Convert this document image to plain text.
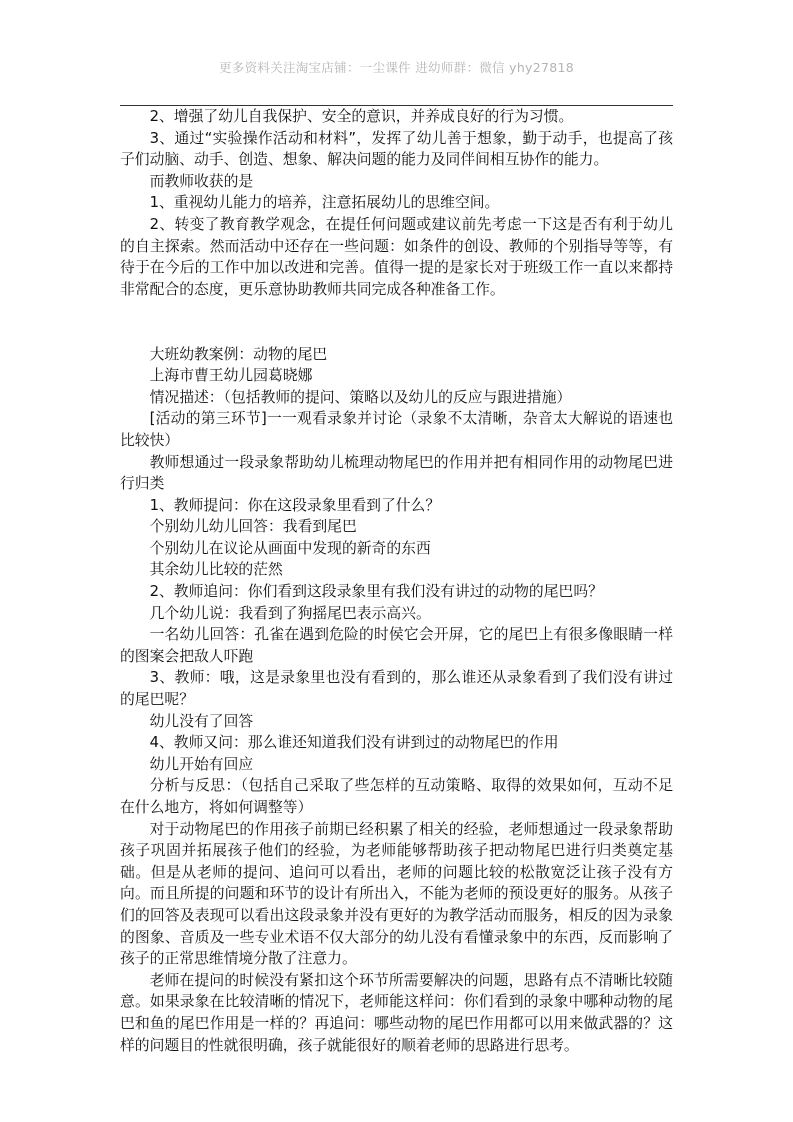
更多资料关注淘宝店铺：一尘课件 进幼师群：微信 yhy27818

2、增强了幼儿自我保护、安全的意识，并养成良好的行为习惯。

3、通过“实验操作活动和材料”，发挥了幼儿善于想象，勤于动手，也提高了孩子们动脑、动手、创造、想象、解决问题的能力及同伴间相互协作的能力。

而教师收获的是

1、重视幼儿能力的培养，注意拓展幼儿的思维空间。

2、转变了教育教学观念，在提任何问题或建议前先考虑一下这是否有利于幼儿的自主探索。然而活动中还存在一些问题：如条件的创设、教师的个别指导等等，有待于在今后的工作中加以改进和完善。值得一提的是家长对于班级工作一直以来都持非常配合的态度，更乐意协助教师共同完成各种准备工作。

大班幼教案例：动物的尾巴

上海市曹王幼儿园葛晓娜

情况描述：（包括教师的提问、策略以及幼儿的反应与跟进措施）

[活动的第三环节]一一观看录象并讨论（录象不太清晰，杂音太大解说的语速也比较快）

教师想通过一段录象帮助幼儿梳理动物尾巴的作用并把有相同作用的动物尾巴进行归类

1、教师提问：你在这段录象里看到了什么？

个别幼儿幼儿回答：我看到尾巴

个别幼儿在议论从画面中发现的新奇的东西

其余幼儿比较的茫然

2、教师追问：你们看到这段录象里有我们没有讲过的动物的尾巴吗？

几个幼儿说：我看到了狗摇尾巴表示高兴。

一名幼儿回答：孔雀在遇到危险的时侯它会开屏，它的尾巴上有很多像眼睛一样的图案会把敌人吓跑

3、教师：哦，这是录象里也没有看到的，那么谁还从录象看到了我们没有讲过的尾巴呢？

幼儿没有了回答

4、教师又问：那么谁还知道我们没有讲到过的动物尾巴的作用

幼儿开始有回应

分析与反思：（包括自己采取了些怎样的互动策略、取得的效果如何，互动不足在什么地方，将如何调整等）

对于动物尾巴的作用孩子前期已经积累了相关的经验，老师想通过一段录象帮助孩子巩固并拓展孩子他们的经验，为老师能够帮助孩子把动物尾巴进行归类奠定基础。但是从老师的提问、追问可以看出，老师的问题比较的松散宽泛让孩子没有方向。而且所提的问题和环节的设计有所出入，不能为老师的预设更好的服务。从孩子们的回答及表现可以看出这段录象并没有更好的为教学活动而服务，相反的因为录象的图象、音质及一些专业术语不仅大部分的幼儿没有看懂录象中的东西，反而影响了孩子的正常思维情境分散了注意力。

老师在提问的时候没有紧扣这个环节所需要解决的问题，思路有点不清晰比较随意。如果录象在比较清晰的情况下，老师能这样问：你们看到的录象中哪种动物的尾巴和鱼的尾巴作用是一样的？再追问：哪些动物的尾巴作用都可以用来做武器的？这样的问题目的性就很明确，孩子就能很好的顺着老师的思路进行思考。
